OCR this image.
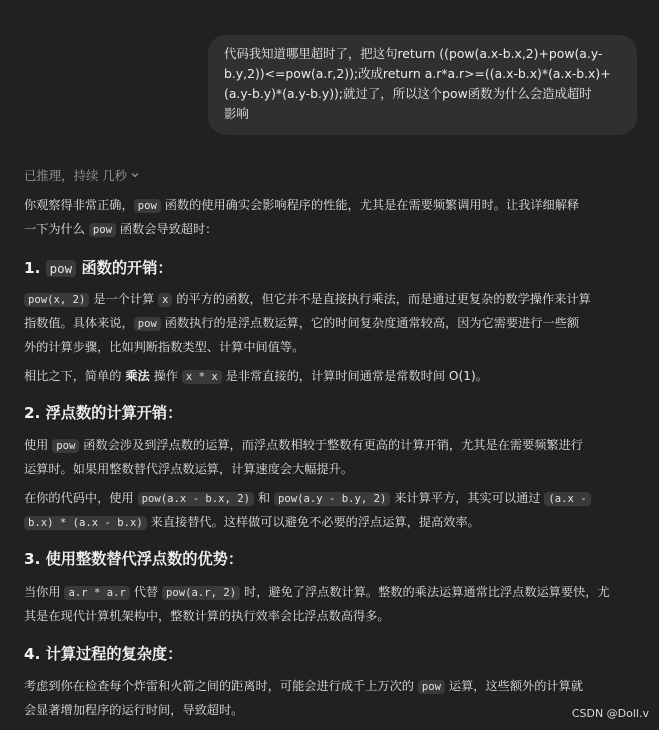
代码我知道哪里超时了，把这句return ((pow(a.x-b.x,2)+pow(a.y-
b.y,2))<=pow(a.r,2));改成return a.r*a.r>=((a.x-b.x)*(a.x-b.x)+
(a.y-b.y)*(a.y-b.y));就过了，所以这个pow函数为什么会造成超时
影响
已推理，持续 几秒
你观察得非常正确， pow 函数的使用确实会影响程序的性能，尤其是在需要频繁调用时。让我详细解释
一下为什么 pow 函数会导致超时：
1. pow 函数的开销：
pow(x, 2) 是一个计算 x 的平方的函数，但它并不是直接执行乘法，而是通过更复杂的数学操作来计算
指数值。具体来说， pow 函数执行的是浮点数运算，它的时间复杂度通常较高，因为它需要进行一些额
外的计算步骤，比如判断指数类型、计算中间值等。
相比之下，简单的 乘法 操作 x * x 是非常直接的，计算时间通常是常数时间 O(1)。
2. 浮点数的计算开销：
使用 pow 函数会涉及到浮点数的运算，而浮点数相较于整数有更高的计算开销，尤其是在需要频繁进行
运算时。如果用整数替代浮点数运算，计算速度会大幅提升。
在你的代码中，使用 pow(a.x - b.x, 2) 和 pow(a.y - b.y, 2) 来计算平方，其实可以通过 (a.x -
b.x) * (a.x - b.x) 来直接替代。这样做可以避免不必要的浮点运算，提高效率。
3. 使用整数替代浮点数的优势：
当你用 a.r * a.r 代替 pow(a.r, 2) 时，避免了浮点数计算。整数的乘法运算通常比浮点数运算要快，尤
其是在现代计算机架构中，整数计算的执行效率会比浮点数高得多。
4. 计算过程的复杂度：
考虑到你在检查每个炸雷和火箭之间的距离时，可能会进行成千上万次的 pow 运算，这些额外的计算就
会显著增加程序的运行时间，导致超时。	CSDN @Doll.v
